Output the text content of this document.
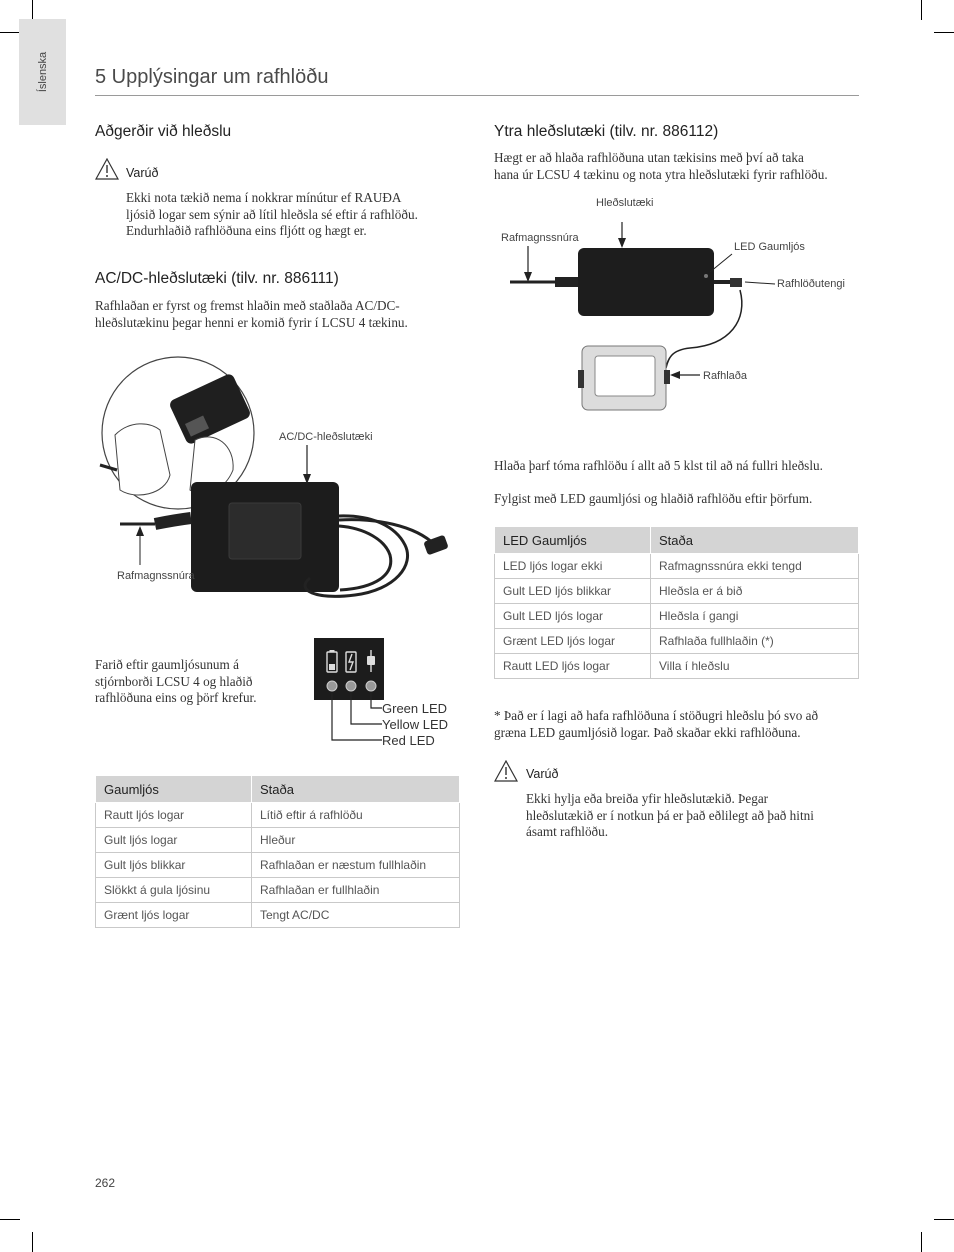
Íslenska 5 Upplýsingar um rafhlöðu
Aðgerðir við hleðslu
Varúð
Ekki nota tækið nema í nokkrar mínútur ef RAUÐA
ljósið logar sem sýnir að lítil hleðsla sé eftir á rafhlöðu.
Endurhlaðið rafhlöðuna eins fljótt og hægt er.
AC/DC-hleðslutæki (tilv. nr. 886111)
Rafhlaðan er fyrst og fremst hlaðin með staðlaða AC/DC-
hleðslutækinu þegar henni er komið fyrir í LCSU 4 tækinu.
AC/DC-hleðslutæki
Rafmagnssnúra
Farið eftir gaumljósunum á
stjórnborði LCSU 4 og hlaðið
rafhlöðuna eins og þörf krefur.
Green LED
Yellow LED
Red LED
Gaumljós	Staða
Rautt ljós logar	Lítið eftir á rafhlöðu
Gult ljós logar	Hleður
Gult ljós blikkar	Rafhlaðan er næstum fullhlaðin
Slökkt á gula ljósinu	Rafhlaðan er fullhlaðin
Grænt ljós logar	Tengt AC/DC
Ytra hleðslutæki (tilv. nr. 886112)
Hægt er að hlaða rafhlöðuna utan tækisins með því að taka
hana úr LCSU 4 tækinu og nota ytra hleðslutæki fyrir rafhlöðu.
Hleðslutæki
Rafmagnssnúra
LED Gaumljós
Rafhlöðutengi
Rafhlaða
Hlaða þarf tóma rafhlöðu í allt að 5 klst til að ná fullri hleðslu.
Fylgist með LED gaumljósi og hlaðið rafhlöðu eftir þörfum.
LED Gaumljós	Staða
LED ljós logar ekki	Rafmagnssnúra ekki tengd
Gult LED ljós blikkar	Hleðsla er á bið
Gult LED ljós logar	Hleðsla í gangi
Grænt LED ljós logar	Rafhlaða fullhlaðin (*)
Rautt LED ljós logar	Villa í hleðslu
* Það er í lagi að hafa rafhlöðuna í stöðugri hleðslu þó svo að
græna LED gaumljósið logar. Það skaðar ekki rafhlöðuna.
Varúð
Ekki hylja eða breiða yfir hleðslutækið. Þegar
hleðslutækið er í notkun þá er það eðlilegt að það hitni
ásamt rafhlöðu.
262
